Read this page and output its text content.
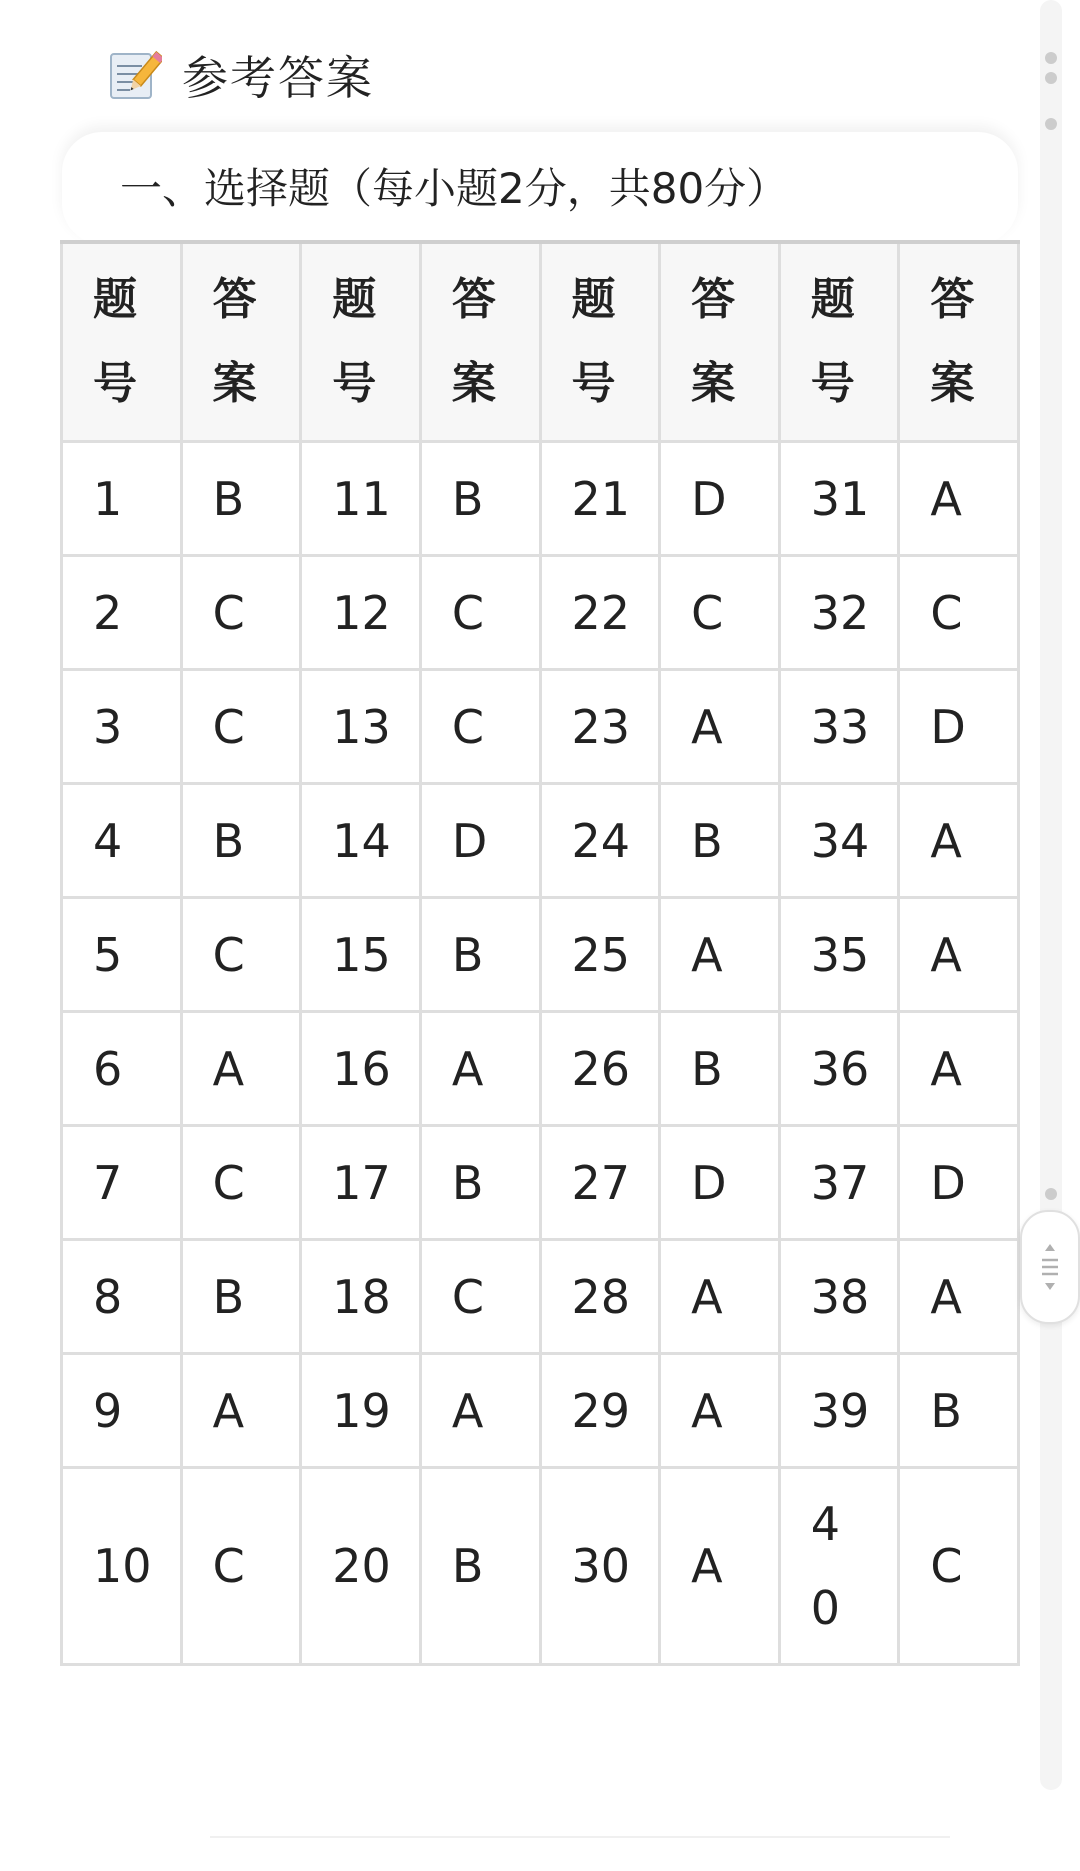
参考答案
一、选择题（每小题2分，共80分）
题号	答案	题号	答案	题号	答案	题号	答案
1	B	11	B	21	D	31	A
2	C	12	C	22	C	32	C
3	C	13	C	23	A	33	D
4	B	14	D	24	B	34	A
5	C	15	B	25	A	35	A
6	A	16	A	26	B	36	A
7	C	17	B	27	D	37	D
8	B	18	C	28	A	38	A
9	A	19	A	29	A	39	B
10	C	20	B	30	A	40	C
